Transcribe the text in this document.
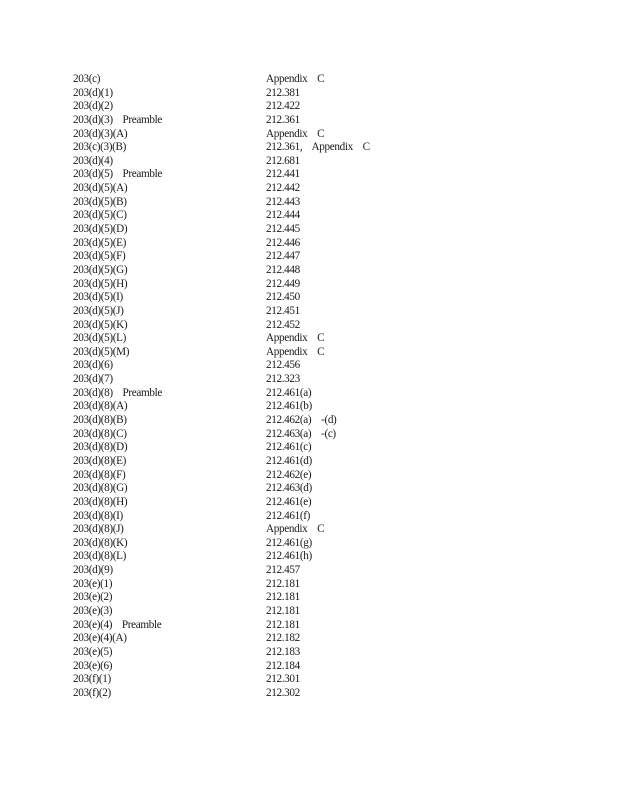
203(c)	Appendix    C
203(d)(1)	212.381
203(d)(2)	212.422
203(d)(3)    Preamble	212.361
203(d)(3)(A)	Appendix    C
203(c)(3)(B)	212.361,    Appendix    C
203(d)(4)	212.681
203(d)(5)    Preamble	212.441
203(d)(5)(A)	212.442
203(d)(5)(B)	212.443
203(d)(5)(C)	212.444
203(d)(5)(D)	212.445
203(d)(5)(E)	212.446
203(d)(5)(F)	212.447
203(d)(5)(G)	212.448
203(d)(5)(H)	212.449
203(d)(5)(I)	212.450
203(d)(5)(J)	212.451
203(d)(5)(K)	212.452
203(d)(5)(L)	Appendix    C
203(d)(5)(M)	Appendix    C
203(d)(6)	212.456
203(d)(7)	212.323
203(d)(8)    Preamble	212.461(a)
203(d)(8)(A)	212.461(b)
203(d)(8)(B)	212.462(a)    -(d)
203(d)(8)(C)	212.463(a)    -(c)
203(d)(8)(D)	212.461(c)
203(d)(8)(E)	212.461(d)
203(d)(8)(F)	212.462(e)
203(d)(8)(G)	212.463(d)
203(d)(8)(H)	212.461(e)
203(d)(8)(I)	212.461(f)
203(d)(8)(J)	Appendix    C
203(d)(8)(K)	212.461(g)
203(d)(8)(L)	212.461(h)
203(d)(9)	212.457
203(e)(1)	212.181
203(e)(2)	212.181
203(e)(3)	212.181
203(e)(4)    Preamble	212.181
203(e)(4)(A)	212.182
203(e)(5)	212.183
203(e)(6)	212.184
203(f)(1)	212.301
203(f)(2)	212.302
